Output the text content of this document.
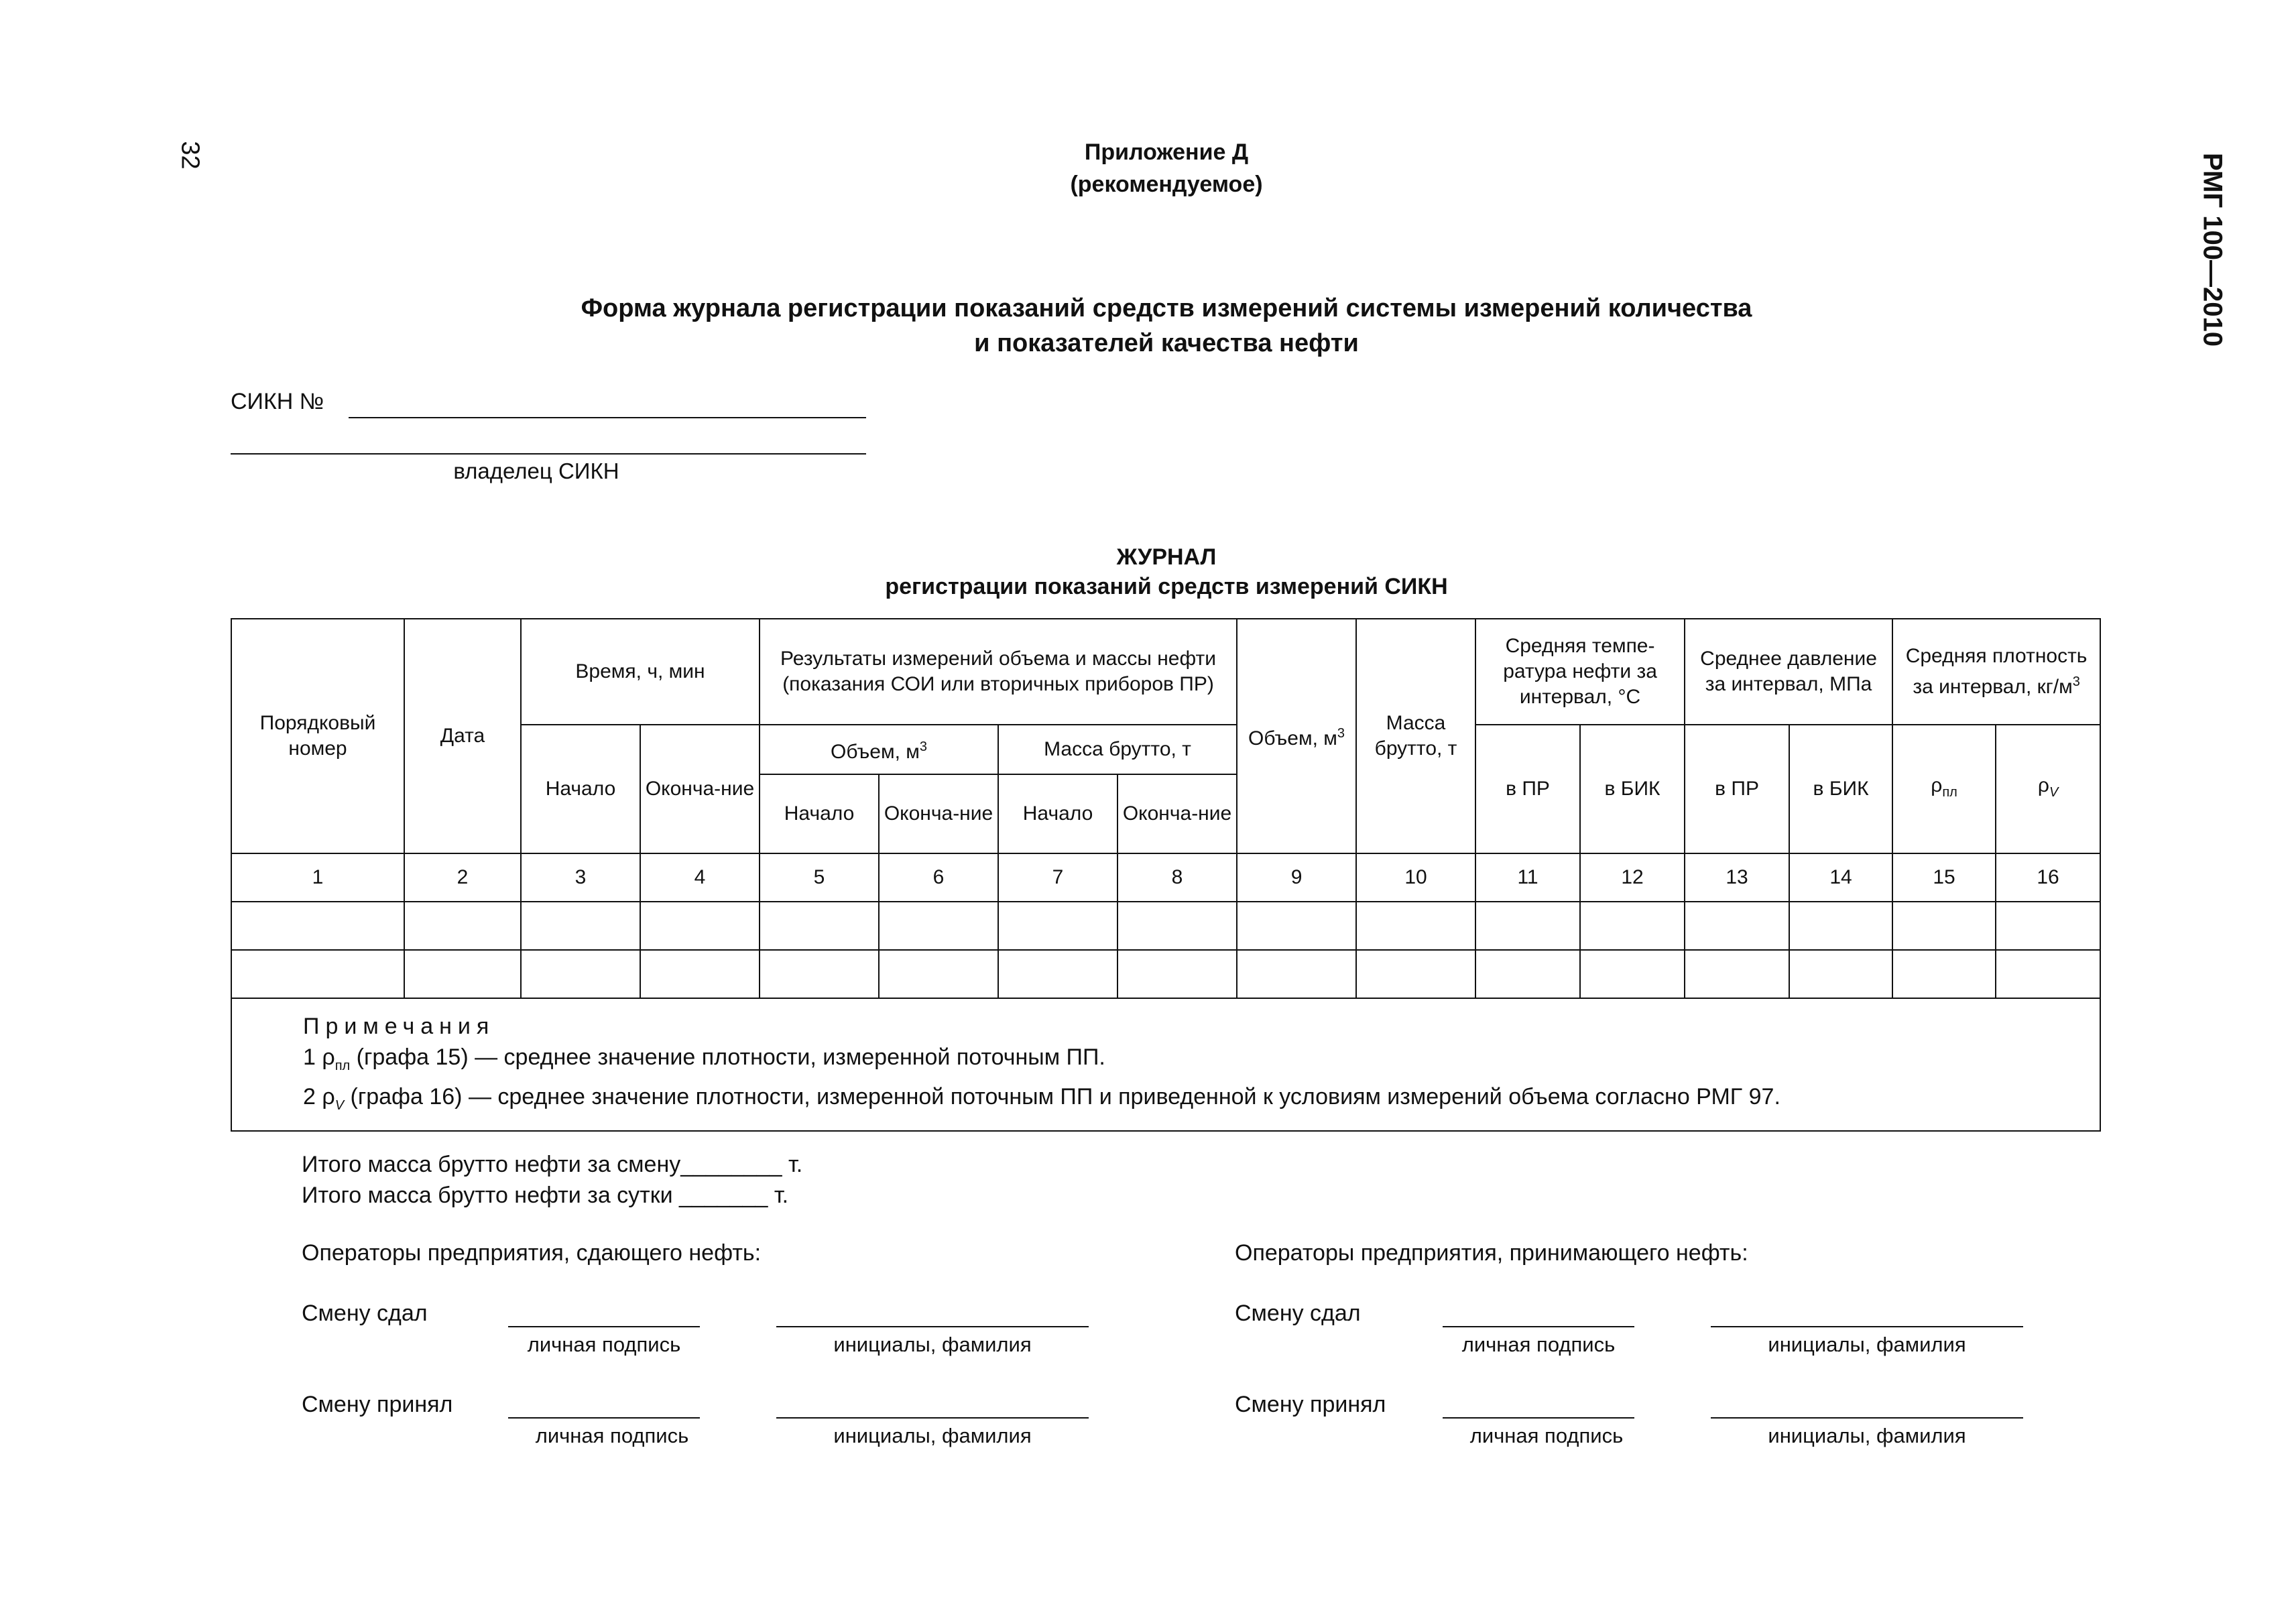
32	РМГ 100—2010
Приложение Д
(рекомендуемое)
Форма журнала регистрации показаний средств измерений системы измерений количества
и показателей качества нефти
СИКН №
владелец СИКН
ЖУРНАЛ
регистрации показаний средств измерений СИКН
Порядковый номер	Дата	Время, ч, мин		Результаты измерений объема и массы нефти (показания СОИ или вторичных приборов ПР)				Объем, $м^3$	Масса брутто, т	Средняя темпе-ратура нефти за интервал, °C		Среднее давление за интервал, МПа		Средняя плотность за интервал, $кг/м^3$
		Начало	Оконча-ние	Объем, $м^3$		Масса брутто, т				в ПР	в БИК	в ПР	в БИК	$\rho_{пл}$	$\rho_V$
				Начало	Оконча-ние	Начало	Оконча-ние								
1	2	3	4	5	6	7	8	9	10	11	12	13	14	15	16

Примечания
1 $\rho_{пл}$ (графа 15) — среднее значение плотности, измеренной поточным ПП.
2 $\rho_V$ (графа 16) — среднее значение плотности, измеренной поточным ПП и приведенной к условиям измерений объема согласно РМГ 97.															
Итого масса брутто нефти за смену________ т.
Итого масса брутто нефти за сутки _______ т.
Операторы предприятия, сдающего нефть:
Смену сдал
личная подпись	инициалы, фамилия
Смену принял
личная подпись	инициалы, фамилия
Операторы предприятия, принимающего нефть:
Смену сдал
личная подпись	инициалы, фамилия
Смену принял
личная подпись	инициалы, фамилия
